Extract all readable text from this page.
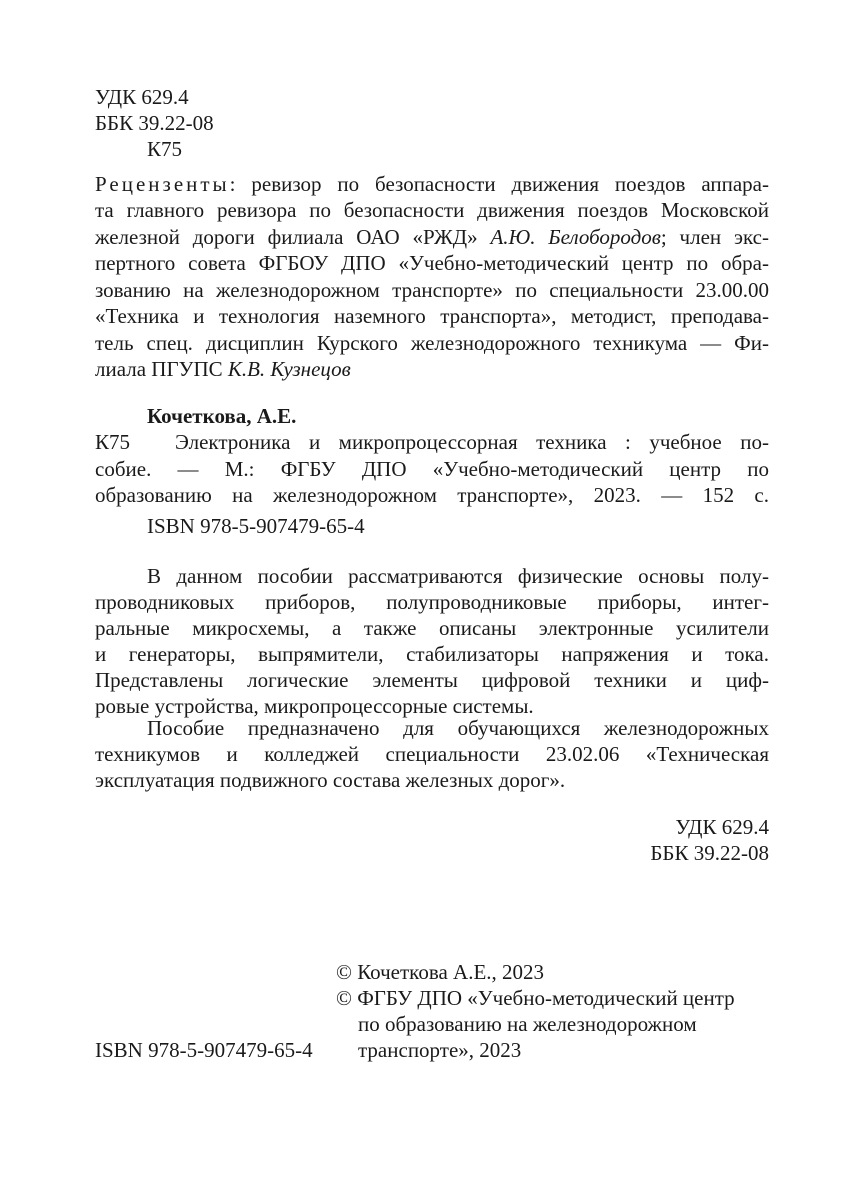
УДК 629.4
ББК 39.22-08
К75
Рецензенты: ревизор по безопасности движения поездов аппара-
та главного ревизора по безопасности движения поездов Московской
железной дороги филиала ОАО «РЖД» А.Ю. Белобородов; член экс-
пертного совета ФГБОУ ДПО «Учебно-методический центр по обра-
зованию на железнодорожном транспорте» по специальности 23.00.00
«Техника и технология наземного транспорта», методист, преподава-
тель спец. дисциплин Курского железнодорожного техникума — Фи-
лиала ПГУПС К.В. Кузнецов
Кочеткова, А.Е.
К75	Электроника и микропроцессорная техника : учебное по-
собие. — М.: ФГБУ ДПО «Учебно-методический центр по
образованию на железнодорожном транспорте», 2023. — 152 с.
ISBN 978-5-907479-65-4
В данном пособии рассматриваются физические основы полу-
проводниковых приборов, полупроводниковые приборы, интег-
ральные микросхемы, а также описаны электронные усилители
и генераторы, выпрямители, стабилизаторы напряжения и тока.
Представлены логические элементы цифровой техники и циф-
ровые устройства, микропроцессорные системы.
Пособие предназначено для обучающихся железнодорожных
техникумов и колледжей специальности 23.02.06 «Техническая
эксплуатация подвижного состава железных дорог».
УДК 629.4
ББК 39.22-08
© Кочеткова А.Е., 2023
© ФГБУ ДПО «Учебно-методический центр
по образованию на железнодорожном
транспорте», 2023
ISBN 978-5-907479-65-4
